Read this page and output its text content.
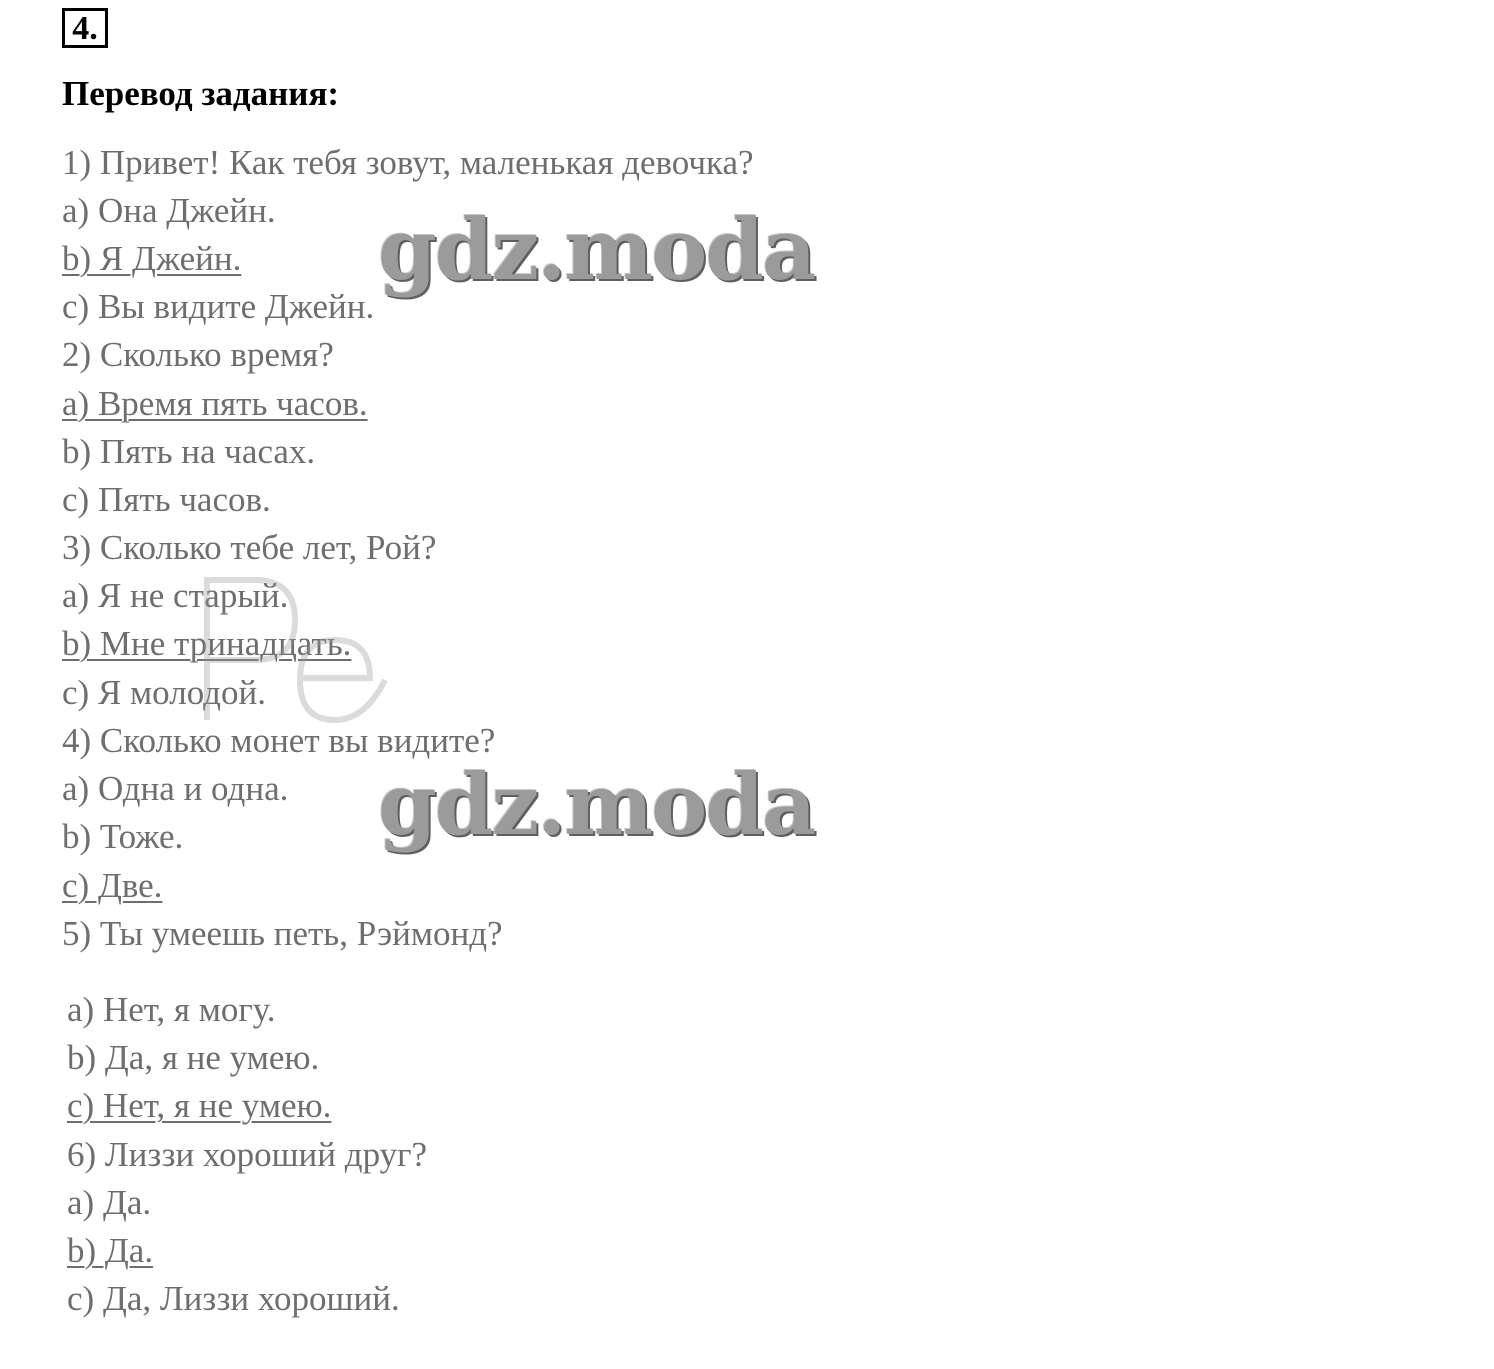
4.
Перевод задания:
1) Привет! Как тебя зовут, маленькая девочка?
a) Она Джейн.
b) Я Джейн.
c) Вы видите Джейн.
2) Сколько время?
a) Время пять часов.
b) Пять на часах.
c) Пять часов.
3) Сколько тебе лет, Рой?
a) Я не старый.
b) Мне тринадцать.
c) Я молодой.
4) Сколько монет вы видите?
a) Одна и одна.
b) Тоже.
c) Две.
5) Ты умеешь петь, Рэймонд?
a) Нет, я могу.
b) Да, я не умею.
c) Нет, я не умею.
6) Лиззи хороший друг?
a) Да.
b) Да.
c) Да, Лиззи хороший.
gdz.moda
gdz.moda
